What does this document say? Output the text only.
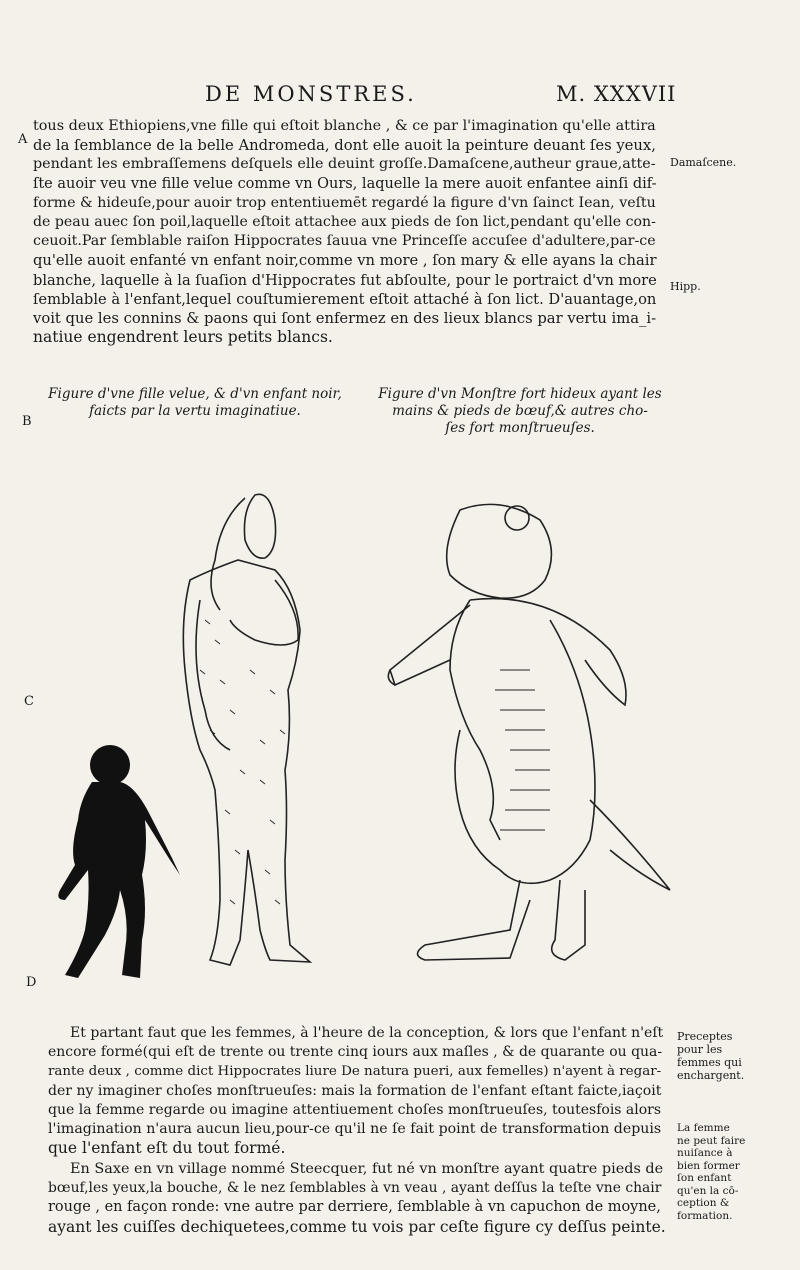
DE MONSTRES.	M. XXXVII
A
B
C
D
Damaſcene.
Hipp.
Preceptes
pour les
femmes qui
enchargent.
La femme
ne peut faire
nuiſance à
bien former
ſon enfant
qu'en la cō-
ception &
formation.
tous deux Ethiopiens,vne fille qui eſtoit blanche , & ce par l'imagination qu'elle attira
de la ſemblance de la belle Andromeda, dont elle auoit la peinture deuant ſes yeux,
pendant les embraſſemens deſquels elle deuint groſſe.Damaſcene,autheur graue,atte-
ſte auoir veu vne fille velue comme vn Ours, laquelle la mere auoit enfantee ainſi dif-
forme & hideuſe,pour auoir trop ententiuemēt regardé la figure d'vn ſainct Iean, veſtu
de peau auec ſon poil,laquelle eſtoit attachee aux pieds de ſon lict,pendant qu'elle con-
ceuoit.Par ſemblable raiſon Hippocrates ſauua vne Princeſſe accuſee d'adultere,par-ce
qu'elle auoit enfanté vn enfant noir,comme vn more , ſon mary & elle ayans la chair
blanche, laquelle à la ſuaſion d'Hippocrates fut abſoulte, pour le portraict d'vn more
ſemblable à l'enfant,lequel couſtumierement eſtoit attaché à ſon lict. D'auantage,on
voit que les connins & paons qui ſont enfermez en des lieux blancs par vertu ima_i-
natiue engendrent leurs petits blancs.
Figure d'vne fille velue, & d'vn enfant noir,
faicts par la vertu imaginatiue.
Figure d'vn Monſtre fort hideux ayant les
mains & pieds de bœuf,& autres cho-
ſes fort monſtrueuſes.
Et partant faut que les femmes, à l'heure de la conception, & lors que l'enfant n'eſt
encore formé(qui eſt de trente ou trente cinq iours aux maſles , & de quarante ou qua-
rante deux , comme dict Hippocrates liure De natura pueri, aux femelles) n'ayent à regar-
der ny imaginer choſes monſtrueuſes: mais la formation de l'enfant eſtant faicte,iaçoit
que la femme regarde ou imagine attentiuement choſes monſtrueuſes, toutesfois alors
l'imagination n'aura aucun lieu,pour-ce qu'il ne ſe fait point de transformation depuis
que l'enfant eſt du tout formé.
En Saxe en vn village nommé Steecquer, fut né vn monſtre ayant quatre pieds de
bœuf,les yeux,la bouche, & le nez ſemblables à vn veau , ayant deſſus la teſte vne chair
rouge , en façon ronde: vne autre par derriere, ſemblable à vn capuchon de moyne,
ayant les cuiſſes dechiquetees,comme tu vois par ceſte figure cy deſſus peinte.
